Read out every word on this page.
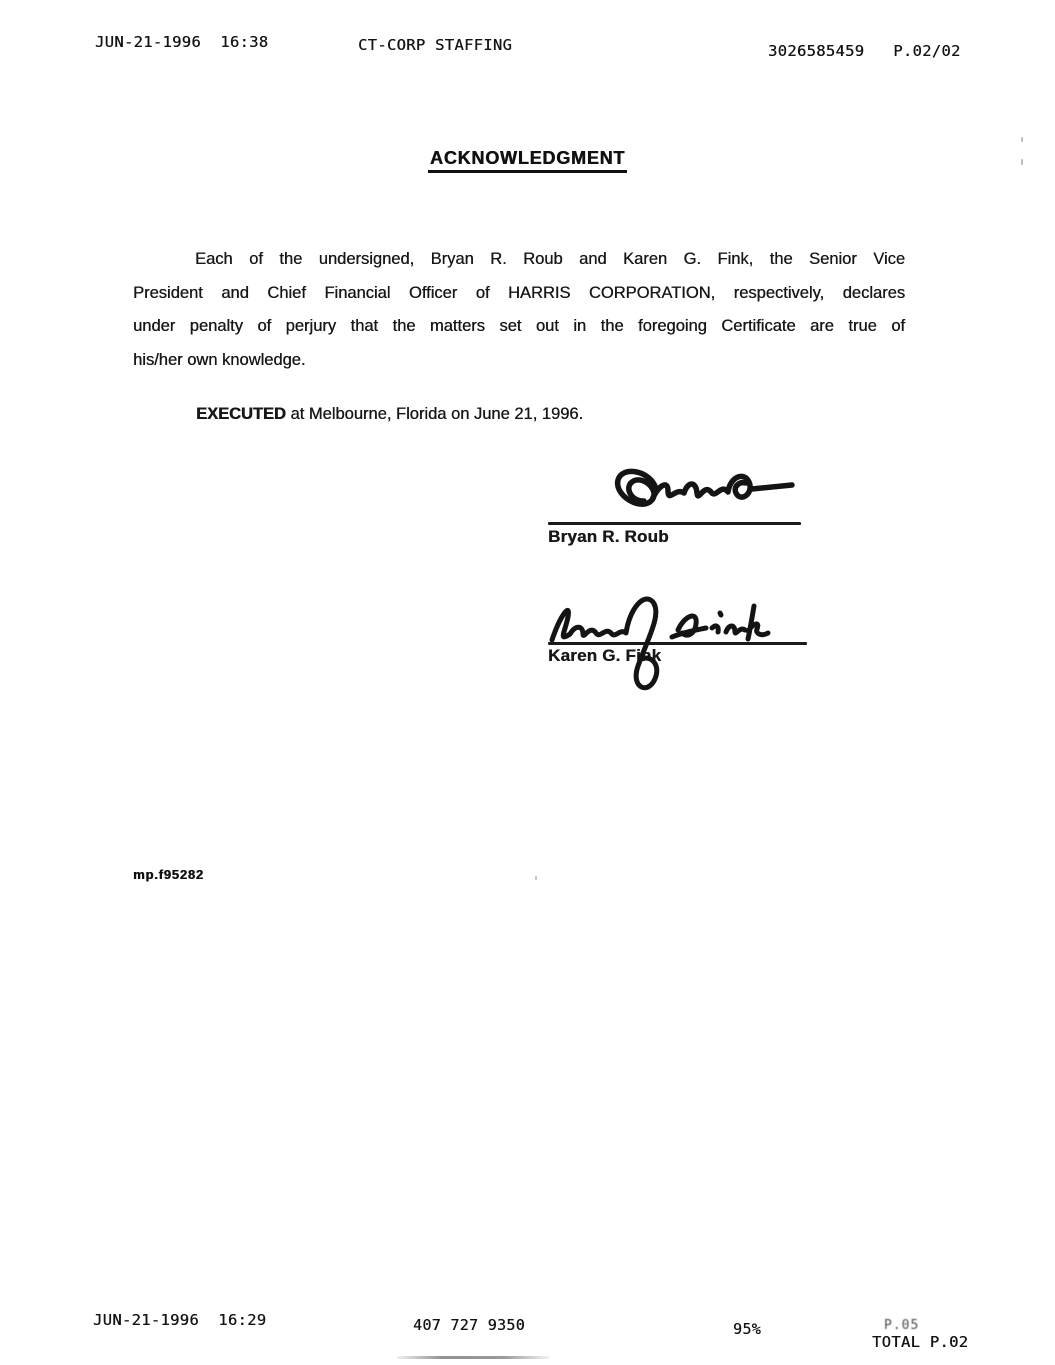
JUN-21-1996  16:38	CT-CORP STAFFING	3026585459   P.02/02
ACKNOWLEDGMENT
Each of the undersigned, Bryan R. Roub and Karen G. Fink, the Senior Vice
President and Chief Financial Officer of HARRIS CORPORATION, respectively, declares
under penalty of perjury that the matters set out in the foregoing Certificate are true of
his/her own knowledge.
EXECUTED at Melbourne, Florida on June 21, 1996.
Bryan R. Roub
Karen G. Fink
mp.f95282
JUN-21-1996  16:29	407 727 9350	95%	P.05
TOTAL P.02
